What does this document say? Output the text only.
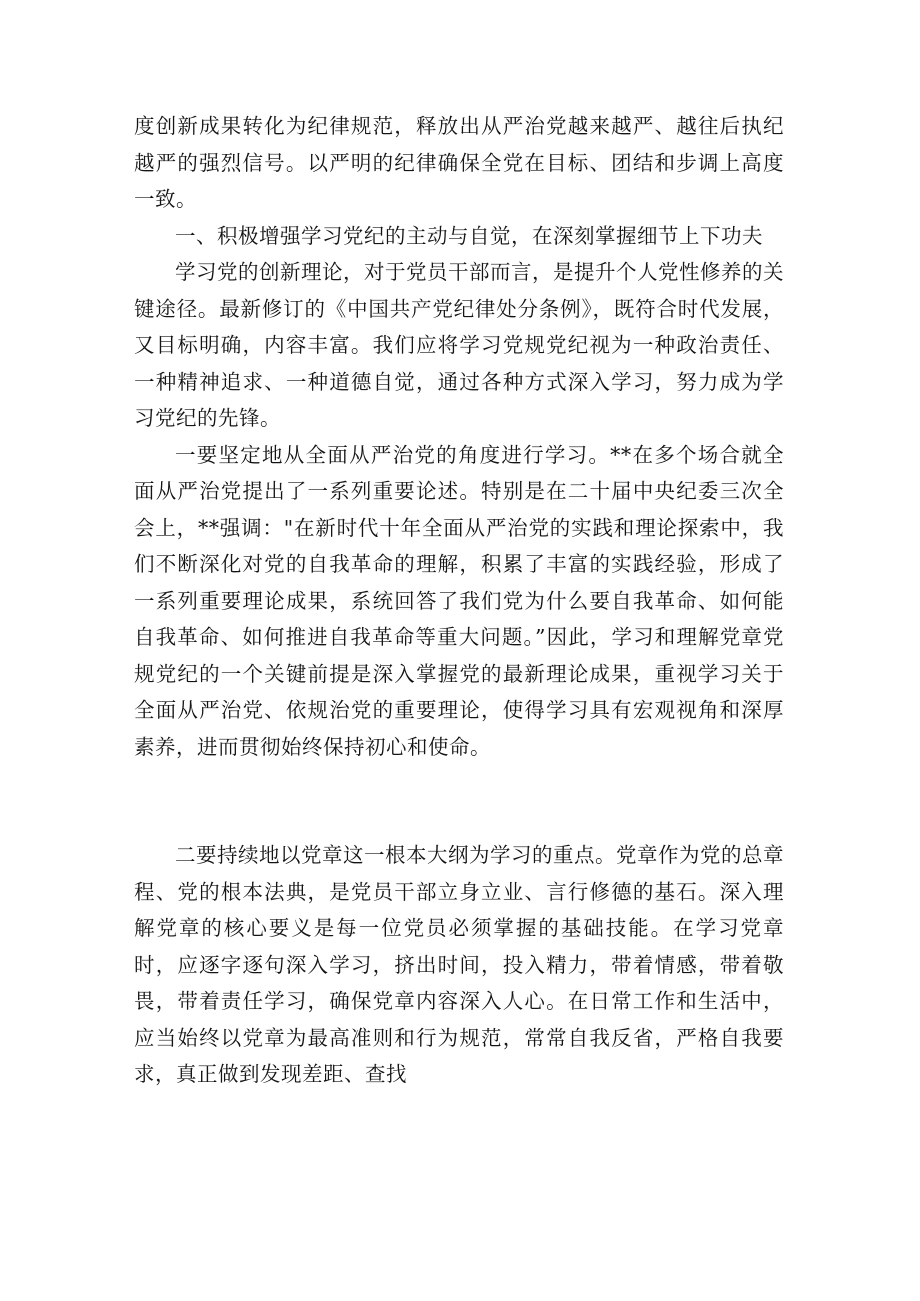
度创新成果转化为纪律规范，释放出从严治党越来越严、越往后执纪越严的强烈信号。以严明的纪律确保全党在目标、团结和步调上高度一致。

一、积极增强学习党纪的主动与自觉，在深刻掌握细节上下功夫

学习党的创新理论，对于党员干部而言，是提升个人党性修养的关键途径。最新修订的《中国共产党纪律处分条例》，既符合时代发展，又目标明确，内容丰富。我们应将学习党规党纪视为一种政治责任、一种精神追求、一种道德自觉，通过各种方式深入学习，努力成为学习党纪的先锋。

一要坚定地从全面从严治党的角度进行学习。**在多个场合就全面从严治党提出了一系列重要论述。特别是在二十届中央纪委三次全会上，**强调："在新时代十年全面从严治党的实践和理论探索中，我们不断深化对党的自我革命的理解，积累了丰富的实践经验，形成了一系列重要理论成果，系统回答了我们党为什么要自我革命、如何能自我革命、如何推进自我革命等重大问题。”因此，学习和理解党章党规党纪的一个关键前提是深入掌握党的最新理论成果，重视学习关于全面从严治党、依规治党的重要理论，使得学习具有宏观视角和深厚素养，进而贯彻始终保持初心和使命。

二要持续地以党章这一根本大纲为学习的重点。党章作为党的总章程、党的根本法典，是党员干部立身立业、言行修德的基石。深入理解党章的核心要义是每一位党员必须掌握的基础技能。在学习党章时，应逐字逐句深入学习，挤出时间，投入精力，带着情感，带着敬畏，带着责任学习，确保党章内容深入人心。在日常工作和生活中，应当始终以党章为最高准则和行为规范，常常自我反省，严格自我要求，真正做到发现差距、查找
